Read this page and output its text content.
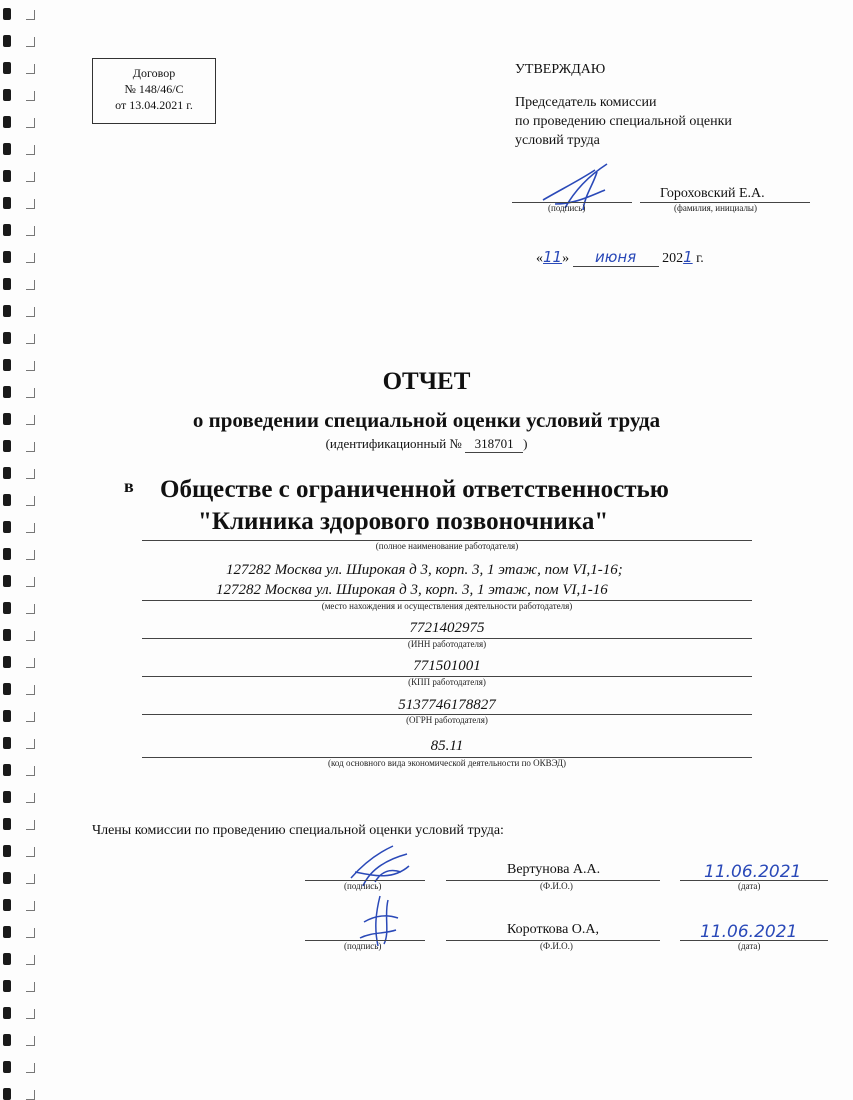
Договор
№ 148/46/С
от 13.04.2021 г.
УТВЕРЖДАЮ
Председатель комиссии
по проведению специальной оценки
условий труда
(подпись)
Гороховский Е.А.
(фамилия, инициалы)
«11» июня 2021 г.
ОТЧЕТ
о проведении специальной оценки условий труда
(идентификационный № 318701 )
в Обществе с ограниченной ответственностью
"Клиника здорового позвоночника"
(полное наименование работодателя)
127282 Москва ул. Широкая д 3, корп. 3, 1 этаж, пом VI,1-16;
127282 Москва ул. Широкая д 3, корп. 3, 1 этаж, пом VI,1-16
(место нахождения и осуществления деятельности работодателя)
7721402975
(ИНН работодателя)
771501001
(КПП работодателя)
5137746178827
(ОГРН работодателя)
85.11
(код основного вида экономической деятельности по ОКВЭД)
Члены комиссии по проведению специальной оценки условий труда:
(подпись)
Вертунова А.А.
(Ф.И.О.)
11.06.2021
(дата)
(подпись)
Короткова О.А,
(Ф.И.О.)
11.06.2021
(дата)
